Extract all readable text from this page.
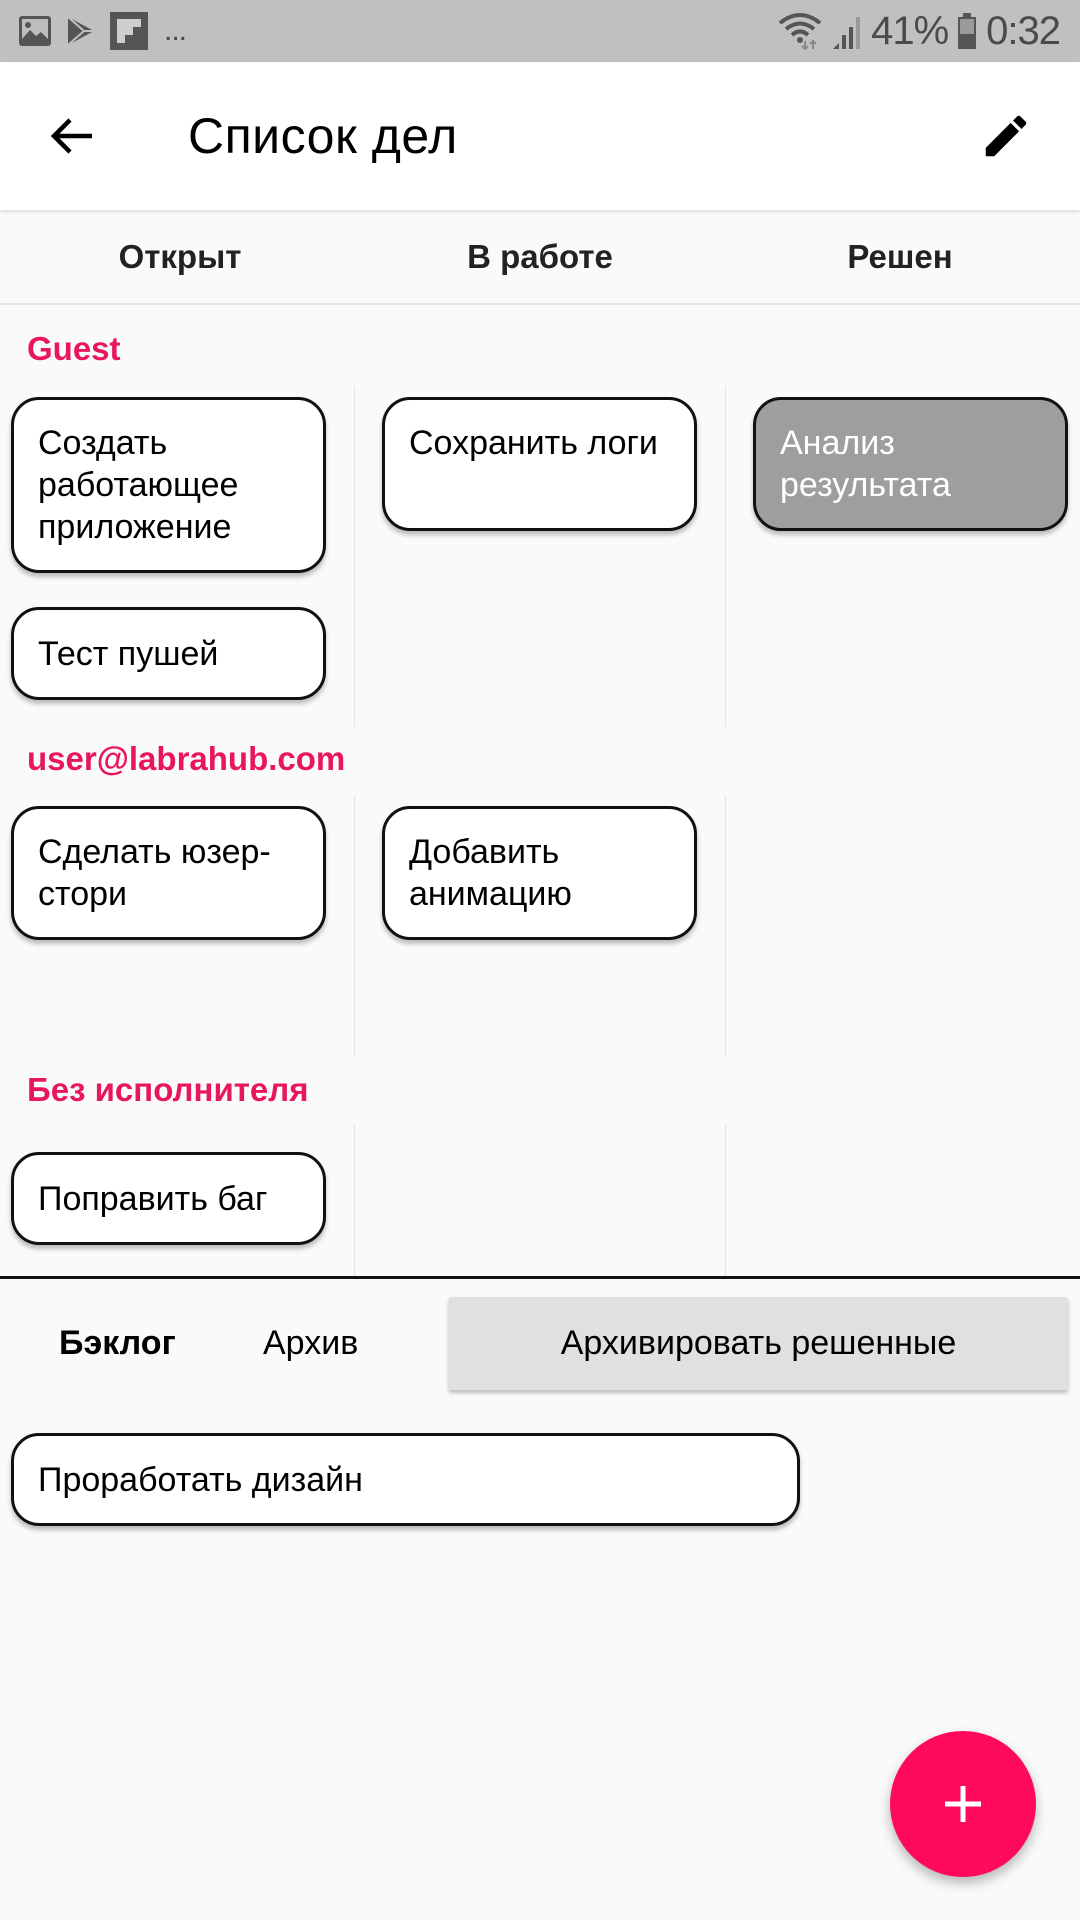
...	41% 0:32
Список дел
Открыт	В работе	Решен
Guest
Создать работающее приложение
Тест пушей
Сохранить логи	Анализ результата
user@labrahub.com
Сделать юзер-стори
Добавить анимацию
Без исполнителя
Поправить баг
Бэклог	Архив	Архивировать решенные
Проработать дизайн
